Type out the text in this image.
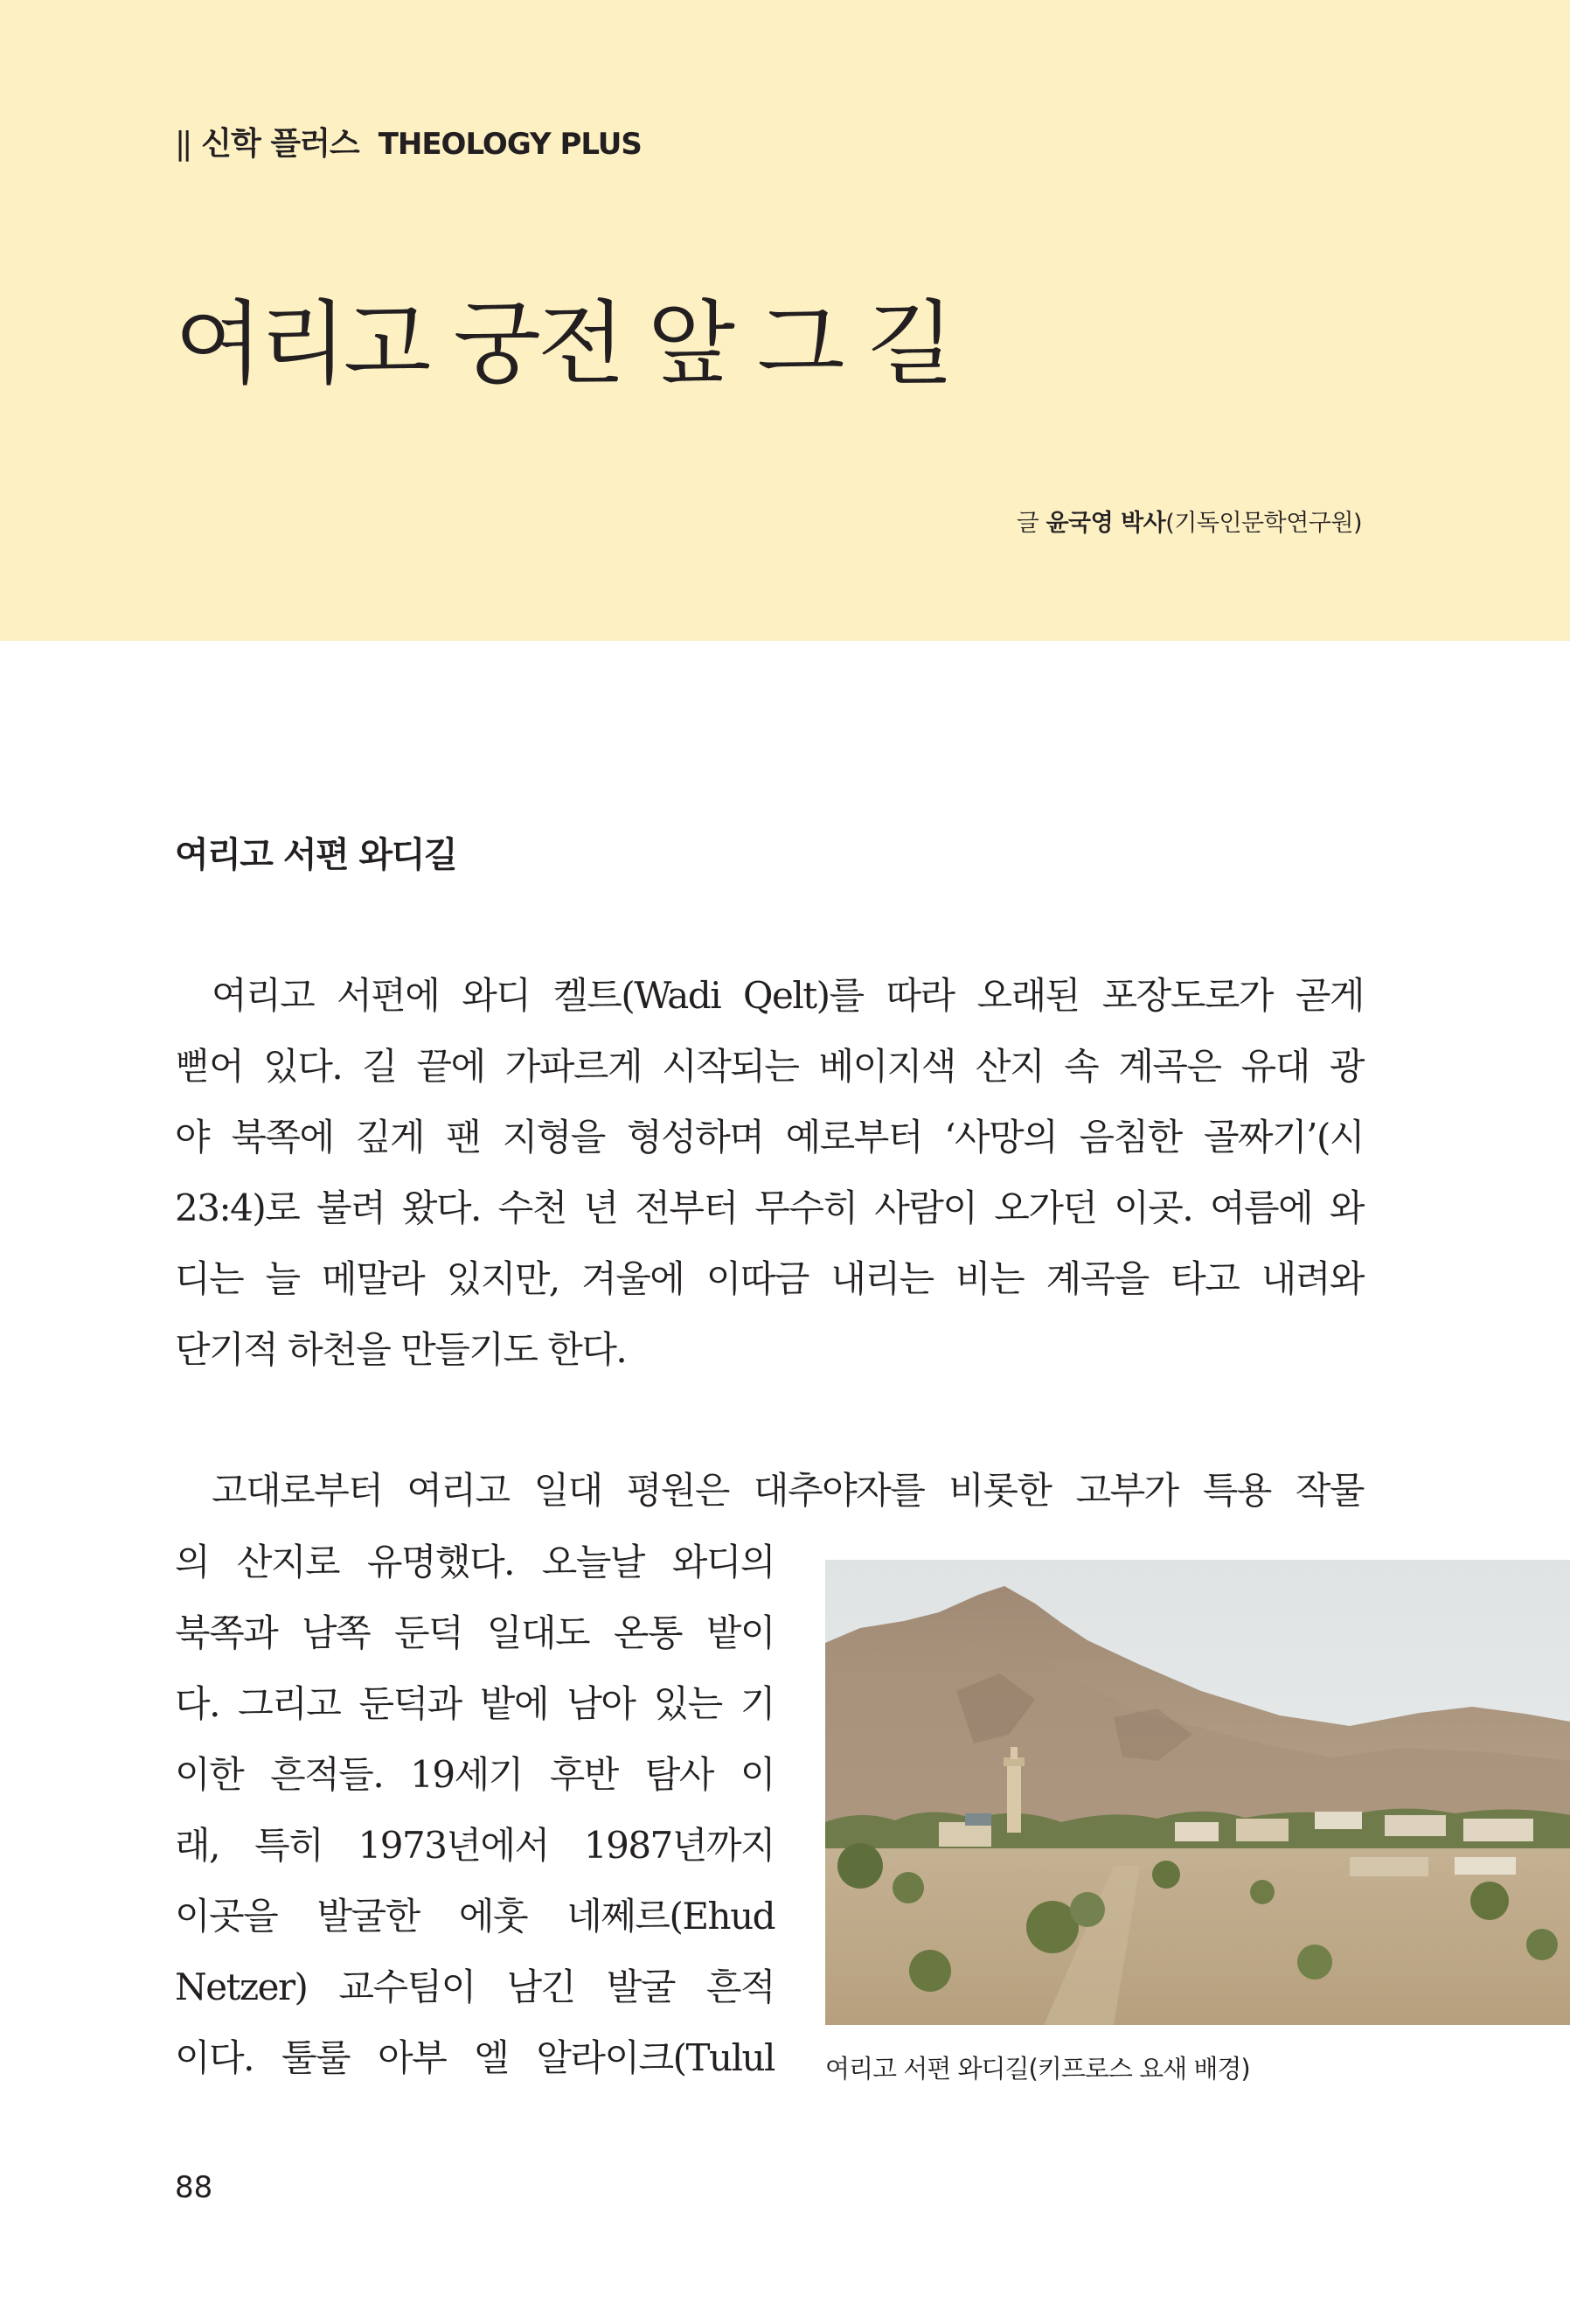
|| 신학 플러스 THEOLOGY PLUS
여리고 궁전 앞 그 길
글 윤국영 박사(기독인문학연구원)
여리고 서편 와디길

여리고 서편에 와디 켈트(Wadi Qelt)를 따라 오래된 포장도로가 곧게
뻗어 있다. 길 끝에 가파르게 시작되는 베이지색 산지 속 계곡은 유대 광
야 북쪽에 깊게 팬 지형을 형성하며 예로부터 ‘사망의 음침한 골짜기’(시
23:4)로 불려 왔다. 수천 년 전부터 무수히 사람이 오가던 이곳. 여름에 와
디는 늘 메말라 있지만, 겨울에 이따금 내리는 비는 계곡을 타고 내려와
단기적 하천을 만들기도 한다.

고대로부터 여리고 일대 평원은 대추야자를 비롯한 고부가 특용 작물

의 산지로 유명했다. 오늘날 와디의
북쪽과 남쪽 둔덕 일대도 온통 밭이
다. 그리고 둔덕과 밭에 남아 있는 기
이한 흔적들. 19세기 후반 탐사 이
래, 특히 1973년에서 1987년까지
이곳을 발굴한 에훗 네쩨르(Ehud
Netzer) 교수팀이 남긴 발굴 흔적
이다. 툴룰 아부 엘 알라이크(Tulul 여리고 서편 와디길(키프로스 요새 배경)
88
